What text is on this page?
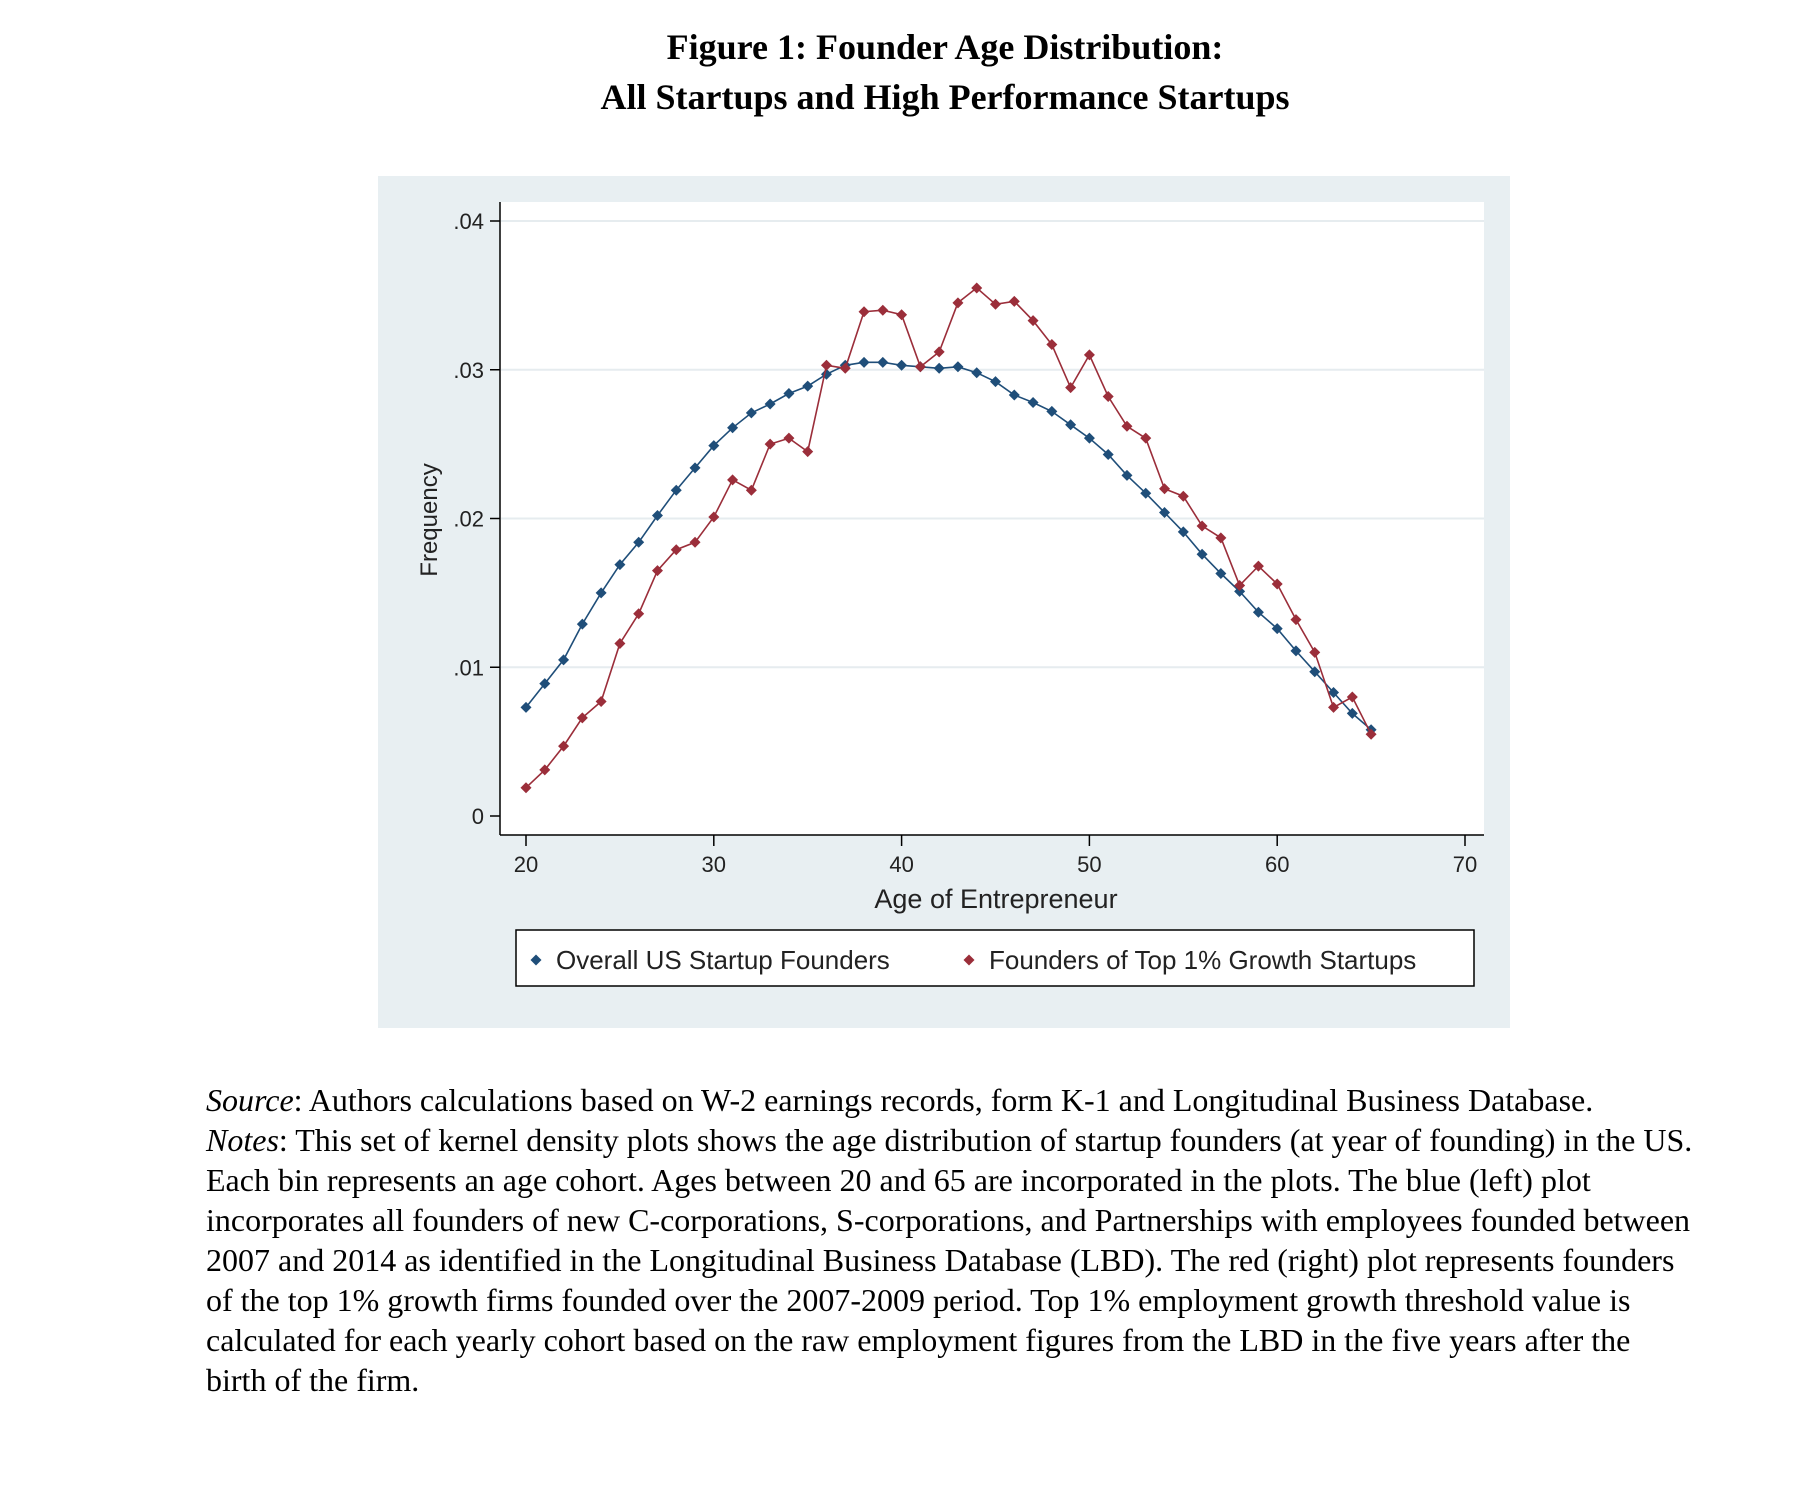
Figure 1: Founder Age Distribution:
All Startups and High Performance Startups
0
.01
.02
.03
.04
20	30	40	50	60	70
Age of Entrepreneur
Frequency
Overall US Startup Founders	Founders of Top 1% Growth Startups

Source: Authors calculations based on W-2 earnings records, form K-1 and Longitudinal Business Database.

Notes: This set of kernel density plots shows the age distribution of startup founders (at year of founding) in the US. Each bin represents an age cohort. Ages between 20 and 65 are incorporated in the plots. The blue (left) plot incorporates all founders of new C-corporations, S-corporations, and Partnerships with employees founded between 2007 and 2014 as identified in the Longitudinal Business Database (LBD). The red (right) plot represents founders of the top 1% growth firms founded over the 2007-2009 period. Top 1% employment growth threshold value is calculated for each yearly cohort based on the raw employment figures from the LBD in the five years after the birth of the firm.
